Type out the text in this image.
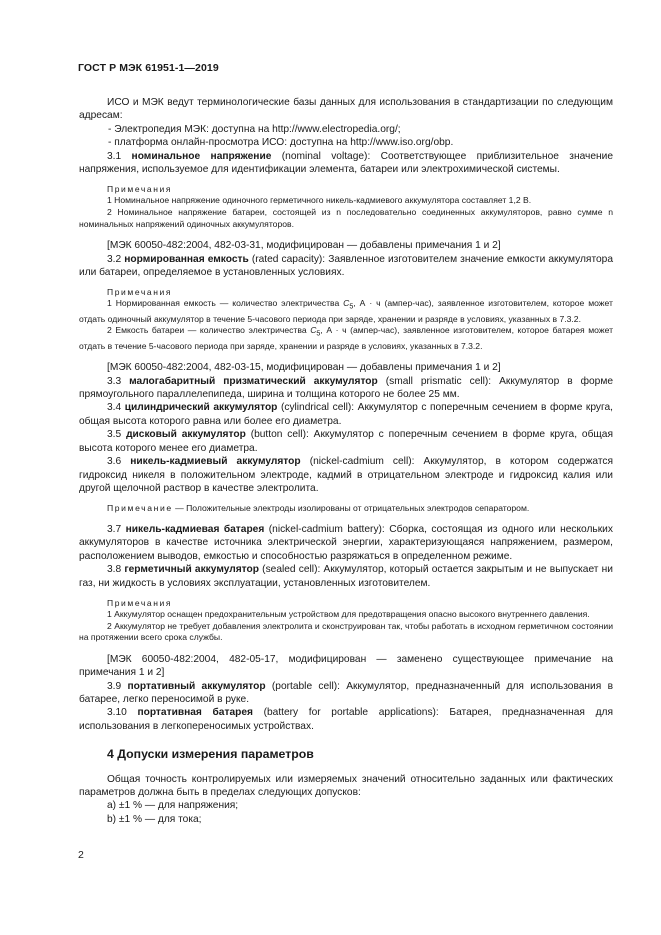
ГОСТ Р МЭК 61951-1—2019

ИСО и МЭК ведут терминологические базы данных для использования в стандартизации по следующим адресам:

- Электропедия МЭК: доступна на http://www.electropedia.org/;

- платформа онлайн-просмотра ИСО: доступна на http://www.iso.org/obp.

3.1 номинальное напряжение (nominal voltage): Соответствующее приблизительное значение напряжения, используемое для идентификации элемента, батареи или электрохимической системы.

Примечания

1 Номинальное напряжение одиночного герметичного никель-кадмиевого аккумулятора составляет 1,2 В.

2 Номинальное напряжение батареи, состоящей из n последовательно соединенных аккумуляторов, равно сумме n номинальных напряжений одиночных аккумуляторов.

[МЭК 60050-482:2004, 482-03-31, модифицирован — добавлены примечания 1 и 2]

3.2 нормированная емкость (rated capacity): Заявленное изготовителем значение емкости аккумулятора или батареи, определяемое в установленных условиях.

Примечания

1 Нормированная емкость — количество электричества $C_5$, А · ч (ампер-час), заявленное изготовителем, которое может отдать одиночный аккумулятор в течение 5-часового периода при заряде, хранении и разряде в условиях, указанных в 7.3.2.

2 Емкость батареи — количество электричества $C_5$, А · ч (ампер-час), заявленное изготовителем, которое батарея может отдать в течение 5-часового периода при заряде, хранении и разряде в условиях, указанных в 7.3.2.

[МЭК 60050-482:2004, 482-03-15, модифицирован — добавлены примечания 1 и 2]

3.3 малогабаритный призматический аккумулятор (small prismatic cell): Аккумулятор в форме прямоугольного параллелепипеда, ширина и толщина которого не более 25 мм.

3.4 цилиндрический аккумулятор (cylindrical cell): Аккумулятор с поперечным сечением в форме круга, общая высота которого равна или более его диаметра.

3.5 дисковый аккумулятор (button cell): Аккумулятор с поперечным сечением в форме круга, общая высота которого менее его диаметра.

3.6 никель-кадмиевый аккумулятор (nickel-cadmium cell): Аккумулятор, в котором содержатся гидроксид никеля в положительном электроде, кадмий в отрицательном электроде и гидроксид калия или другой щелочной раствор в качестве электролита.

Примечание — Положительные электроды изолированы от отрицательных электродов сепаратором.

3.7 никель-кадмиевая батарея (nickel-cadmium battery): Сборка, состоящая из одного или нескольких аккумуляторов в качестве источника электрической энергии, характеризующаяся напряжением, размером, расположением выводов, емкостью и способностью разряжаться в определенном режиме.

3.8 герметичный аккумулятор (sealed cell): Аккумулятор, который остается закрытым и не выпускает ни газ, ни жидкость в условиях эксплуатации, установленных изготовителем.

Примечания

1 Аккумулятор оснащен предохранительным устройством для предотвращения опасно высокого внутреннего давления.

2 Аккумулятор не требует добавления электролита и сконструирован так, чтобы работать в исходном герметичном состоянии на протяжении всего срока службы.

[МЭК 60050-482:2004, 482-05-17, модифицирован — заменено существующее примечание на примечания 1 и 2]

3.9 портативный аккумулятор (portable cell): Аккумулятор, предназначенный для использования в батарее, легко переносимой в руке.

3.10 портативная батарея (battery for portable applications): Батарея, предназначенная для использования в легкопереносимых устройствах.

4 Допуски измерения параметров

Общая точность контролируемых или измеряемых значений относительно заданных или фактических параметров должна быть в пределах следующих допусков:

a) ±1 % — для напряжения;

b) ±1 % — для тока;

2
